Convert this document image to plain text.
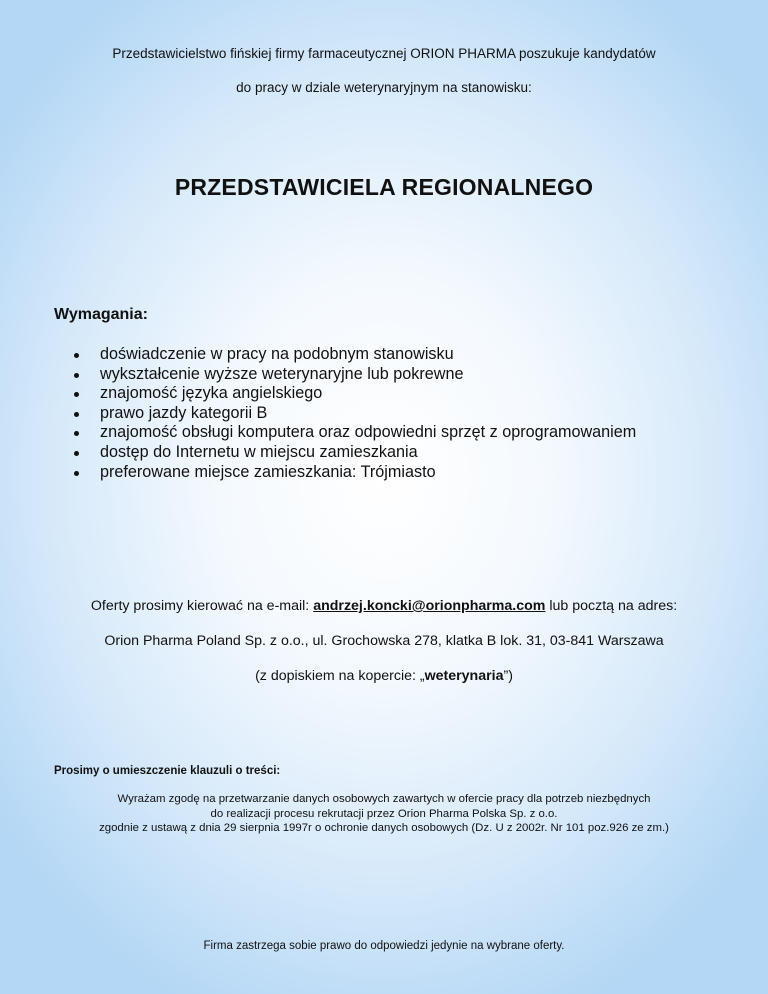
Przedstawicielstwo fińskiej firmy farmaceutycznej ORION PHARMA poszukuje kandydatów
do pracy w dziale weterynaryjnym na stanowisku:
PRZEDSTAWICIELA REGIONALNEGO
Wymagania:
doświadczenie w pracy na podobnym stanowisku
wykształcenie wyższe weterynaryjne lub pokrewne
znajomość języka angielskiego
prawo jazdy kategorii B
znajomość obsługi komputera oraz odpowiedni sprzęt z oprogramowaniem
dostęp do Internetu w miejscu zamieszkania
preferowane miejsce zamieszkania: Trójmiasto
Oferty prosimy kierować na e-mail: andrzej.koncki@orionpharma.com lub pocztą na adres:
Orion Pharma Poland Sp. z o.o., ul. Grochowska 278, klatka B lok. 31, 03-841 Warszawa
(z dopiskiem na kopercie: „weterynaria”)
Prosimy o umieszczenie klauzuli o treści:
Wyrażam zgodę na przetwarzanie danych osobowych zawartych w ofercie pracy dla potrzeb niezbędnych
do realizacji procesu rekrutacji przez Orion Pharma Polska Sp. z o.o.
zgodnie z ustawą z dnia 29 sierpnia 1997r o ochronie danych osobowych (Dz. U z 2002r. Nr 101 poz.926 ze zm.)
Firma zastrzega sobie prawo do odpowiedzi jedynie na wybrane oferty.
